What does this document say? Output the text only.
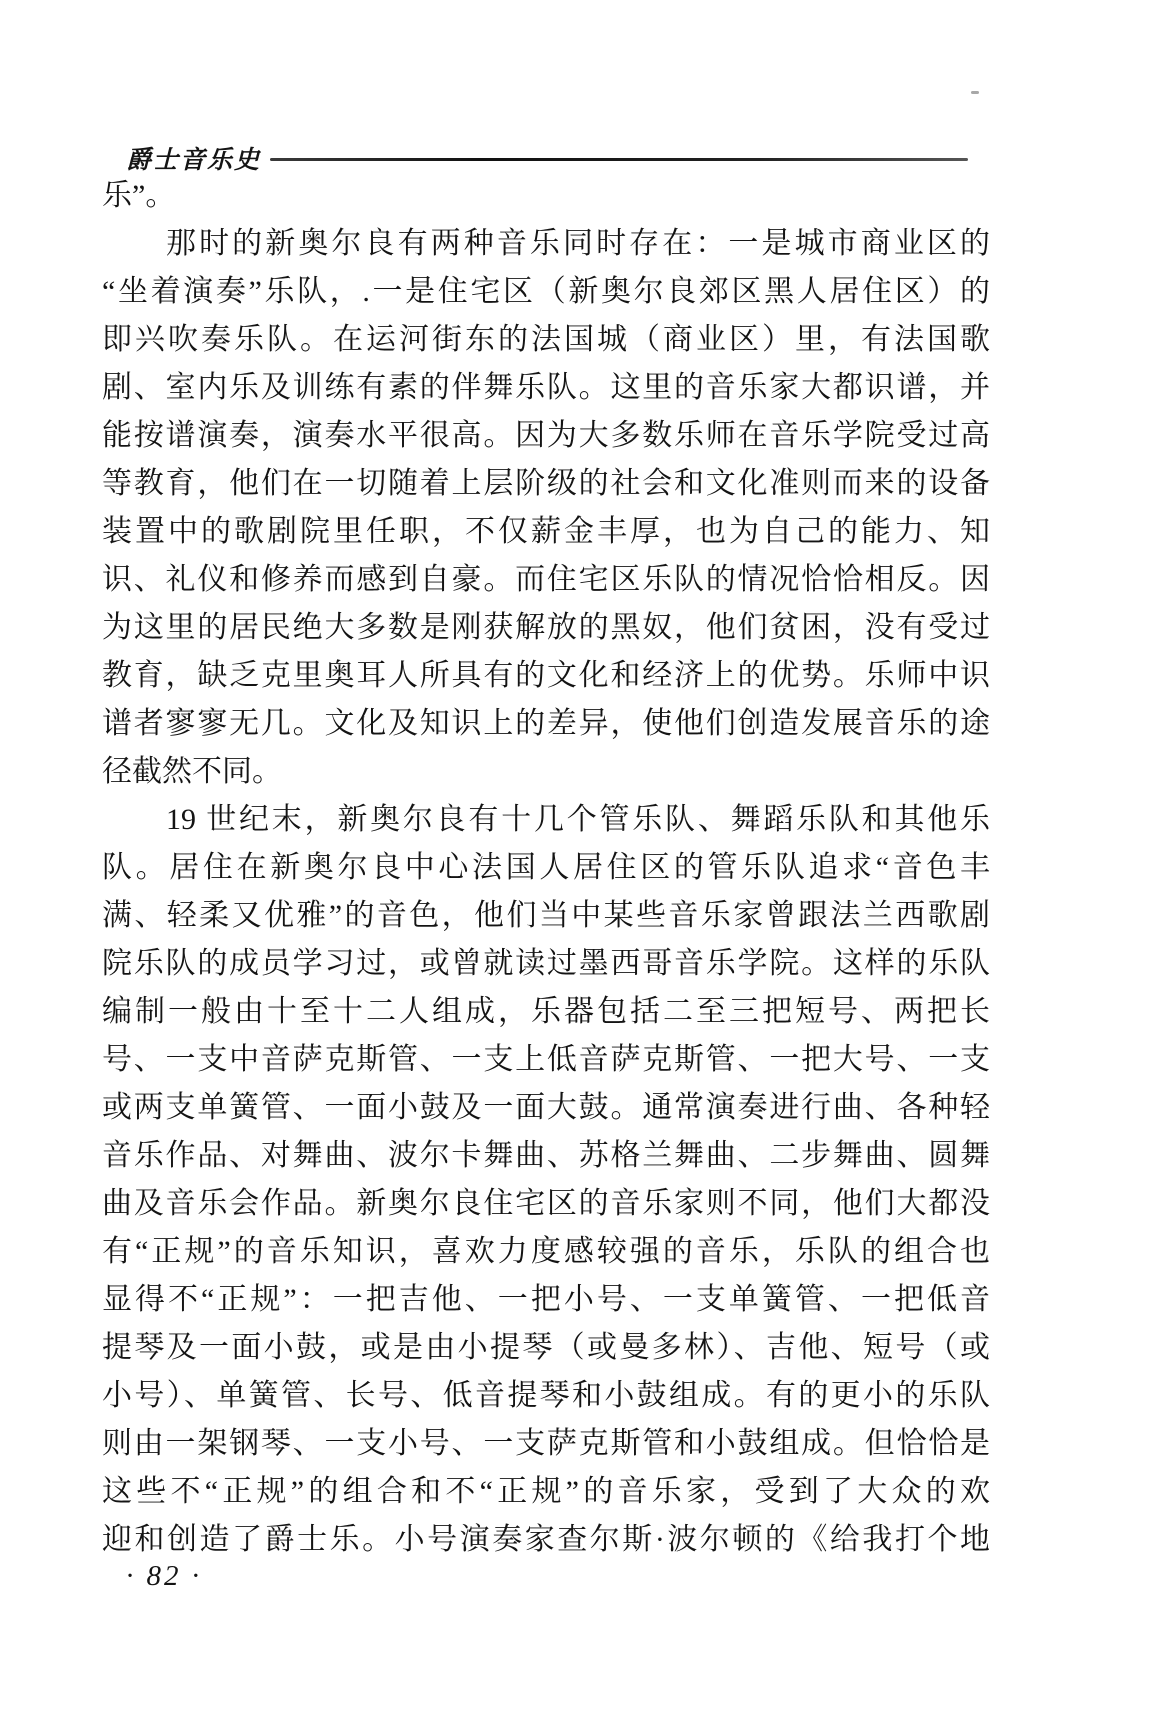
爵士音乐史
乐”。
那时的新奥尔良有两种音乐同时存在：一是城市商业区的
“坐着演奏”乐队，.一是住宅区（新奥尔良郊区黑人居住区）的
即兴吹奏乐队。在运河街东的法国城（商业区）里，有法国歌
剧、室内乐及训练有素的伴舞乐队。这里的音乐家大都识谱，并
能按谱演奏，演奏水平很高。因为大多数乐师在音乐学院受过高
等教育，他们在一切随着上层阶级的社会和文化准则而来的设备
装置中的歌剧院里任职，不仅薪金丰厚，也为自己的能力、知
识、礼仪和修养而感到自豪。而住宅区乐队的情况恰恰相反。因
为这里的居民绝大多数是刚获解放的黑奴，他们贫困，没有受过
教育，缺乏克里奥耳人所具有的文化和经济上的优势。乐师中识
谱者寥寥无几。文化及知识上的差异，使他们创造发展音乐的途
径截然不同。
19 世纪末，新奥尔良有十几个管乐队、舞蹈乐队和其他乐
队。居住在新奥尔良中心法国人居住区的管乐队追求“音色丰
满、轻柔又优雅”的音色，他们当中某些音乐家曾跟法兰西歌剧
院乐队的成员学习过，或曾就读过墨西哥音乐学院。这样的乐队
编制一般由十至十二人组成，乐器包括二至三把短号、两把长
号、一支中音萨克斯管、一支上低音萨克斯管、一把大号、一支
或两支单簧管、一面小鼓及一面大鼓。通常演奏进行曲、各种轻
音乐作品、对舞曲、波尔卡舞曲、苏格兰舞曲、二步舞曲、圆舞
曲及音乐会作品。新奥尔良住宅区的音乐家则不同，他们大都没
有“正规”的音乐知识，喜欢力度感较强的音乐，乐队的组合也
显得不“正规”：一把吉他、一把小号、一支单簧管、一把低音
提琴及一面小鼓，或是由小提琴（或曼多林）、吉他、短号（或
小号）、单簧管、长号、低音提琴和小鼓组成。有的更小的乐队
则由一架钢琴、一支小号、一支萨克斯管和小鼓组成。但恰恰是
这些不“正规”的组合和不“正规”的音乐家，受到了大众的欢
迎和创造了爵士乐。小号演奏家查尔斯·波尔顿的《给我打个地
· 82 ·
